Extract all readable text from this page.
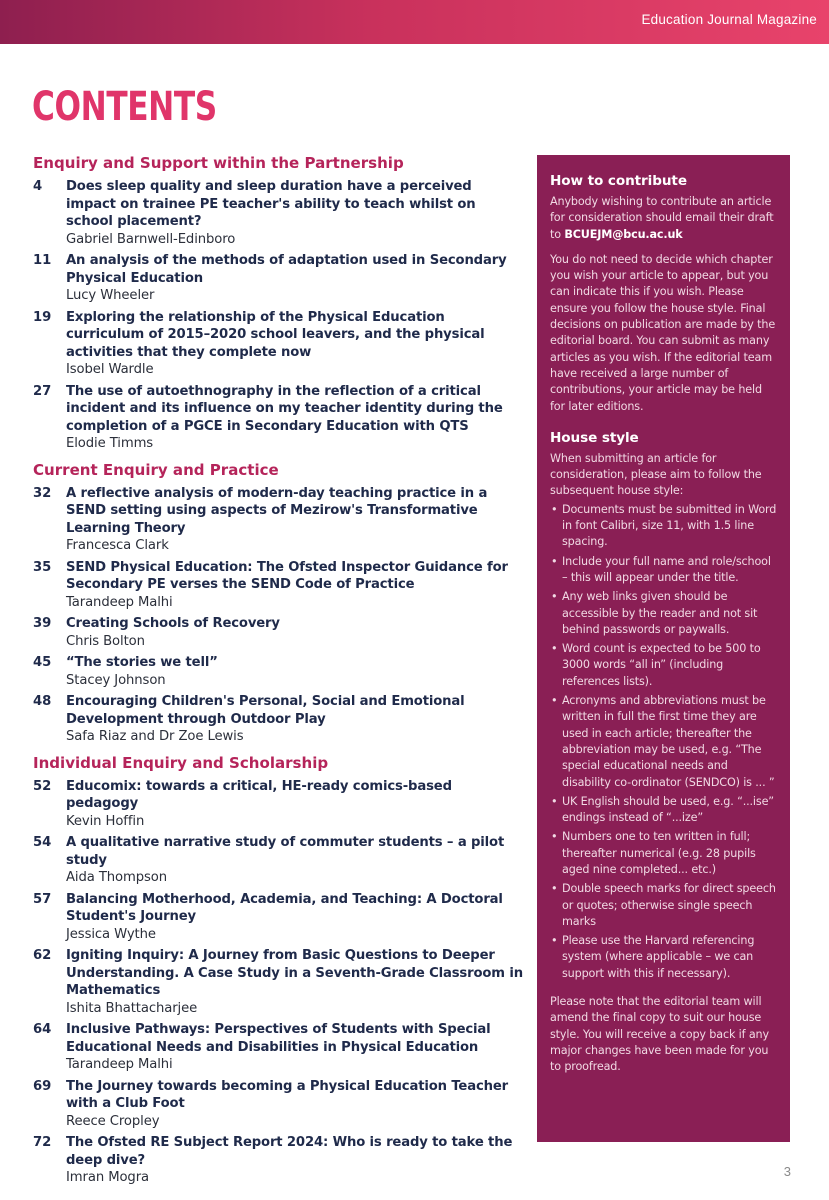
Education Journal Magazine
CONTENTS
Enquiry and Support within the Partnership
4	Does sleep quality and sleep duration have a perceived impact on trainee PE teacher's ability to teach whilst on school placement?
Gabriel Barnwell-Edinboro
11	An analysis of the methods of adaptation used in Secondary Physical Education
Lucy Wheeler
19	Exploring the relationship of the Physical Education curriculum of 2015–2020 school leavers, and the physical activities that they complete now
Isobel Wardle
27	The use of autoethnography in the reflection of a critical incident and its influence on my teacher identity during the completion of a PGCE in Secondary Education with QTS
Elodie Timms
Current Enquiry and Practice
32	A reflective analysis of modern-day teaching practice in a SEND setting using aspects of Mezirow's Transformative Learning Theory
Francesca Clark
35	SEND Physical Education: The Ofsted Inspector Guidance for Secondary PE verses the SEND Code of Practice
Tarandeep Malhi
39	Creating Schools of Recovery
Chris Bolton
45	“The stories we tell”
Stacey Johnson
48	Encouraging Children's Personal, Social and Emotional Development through Outdoor Play
Safa Riaz and Dr Zoe Lewis
Individual Enquiry and Scholarship
52	Educomix: towards a critical, HE-ready comics-based pedagogy
Kevin Hoffin
54	A qualitative narrative study of commuter students – a pilot study
Aida Thompson
57	Balancing Motherhood, Academia, and Teaching: A Doctoral Student's Journey
Jessica Wythe
62	Igniting Inquiry: A Journey from Basic Questions to Deeper Understanding. A Case Study in a Seventh-Grade Classroom in Mathematics
Ishita Bhattacharjee
64	Inclusive Pathways: Perspectives of Students with Special Educational Needs and Disabilities in Physical Education
Tarandeep Malhi
69	The Journey towards becoming a Physical Education Teacher with a Club Foot
Reece Cropley
72	The Ofsted RE Subject Report 2024: Who is ready to take the deep dive?
Imran Mogra
How to contribute

Anybody wishing to contribute an article for consideration should email their draft to BCUEJM@bcu.ac.uk

You do not need to decide which chapter you wish your article to appear, but you can indicate this if you wish. Please ensure you follow the house style. Final decisions on publication are made by the editorial board. You can submit as many articles as you wish. If the editorial team have received a large number of contributions, your article may be held for later editions.

House style

When submitting an article for consideration, please aim to follow the subsequent house style:

• Documents must be submitted in Word in font Calibri, size 11, with 1.5 line spacing.
• Include your full name and role/school – this will appear under the title.
• Any web links given should be accessible by the reader and not sit behind passwords or paywalls.
• Word count is expected to be 500 to 3000 words “all in” (including references lists).
• Acronyms and abbreviations must be written in full the first time they are used in each article; thereafter the abbreviation may be used, e.g. “The special educational needs and disability co-ordinator (SENDCO) is ... ”
• UK English should be used, e.g. “...ise” endings instead of “...ize”
• Numbers one to ten written in full; thereafter numerical (e.g. 28 pupils aged nine completed... etc.)
• Double speech marks for direct speech or quotes; otherwise single speech marks
• Please use the Harvard referencing system (where applicable – we can support with this if necessary).

Please note that the editorial team will amend the final copy to suit our house style. You will receive a copy back if any major changes have been made for you to proofread.

3
